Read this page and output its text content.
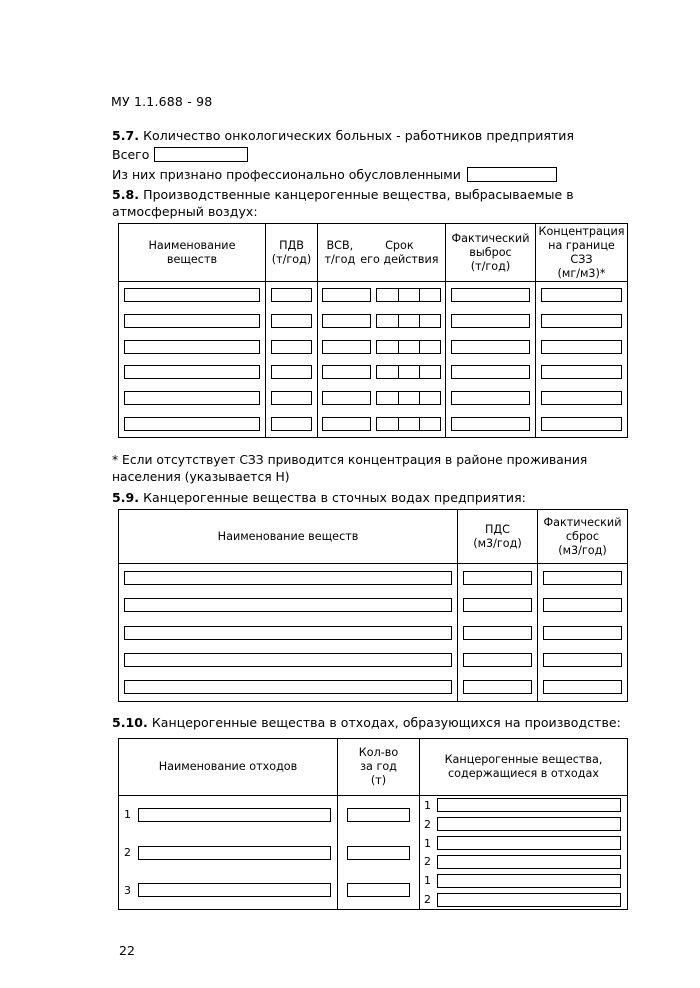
МУ 1.1.688 - 98
5.7. Количество онкологических больных - работников предприятия
Всего
Из них признано профессионально обусловленными
5.8. Производственные канцерогенные вещества, выбрасываемые в атмосферный воздух:
Наименование веществ
ПДВ
(т/год)
ВСВ,
т/год
Срок
его действия
Фактический
выброс
(т/год)
Концентрация
на границе СЗЗ
(мг/м3)*
* Если отсутствует СЗЗ приводится концентрация в районе проживания населения (указывается Н)
5.9. Канцерогенные вещества в сточных водах предприятия:
Наименование веществ
ПДС
(м3/год)
Фактический
сброс
(м3/год)
5.10. Канцерогенные вещества в отходах, образующихся на производстве:
Наименование отходов
1
2
3
Кол-во
за год
(т)
Канцерогенные вещества,
содержащиеся в отходах
1
2
1
2
1
2
22
